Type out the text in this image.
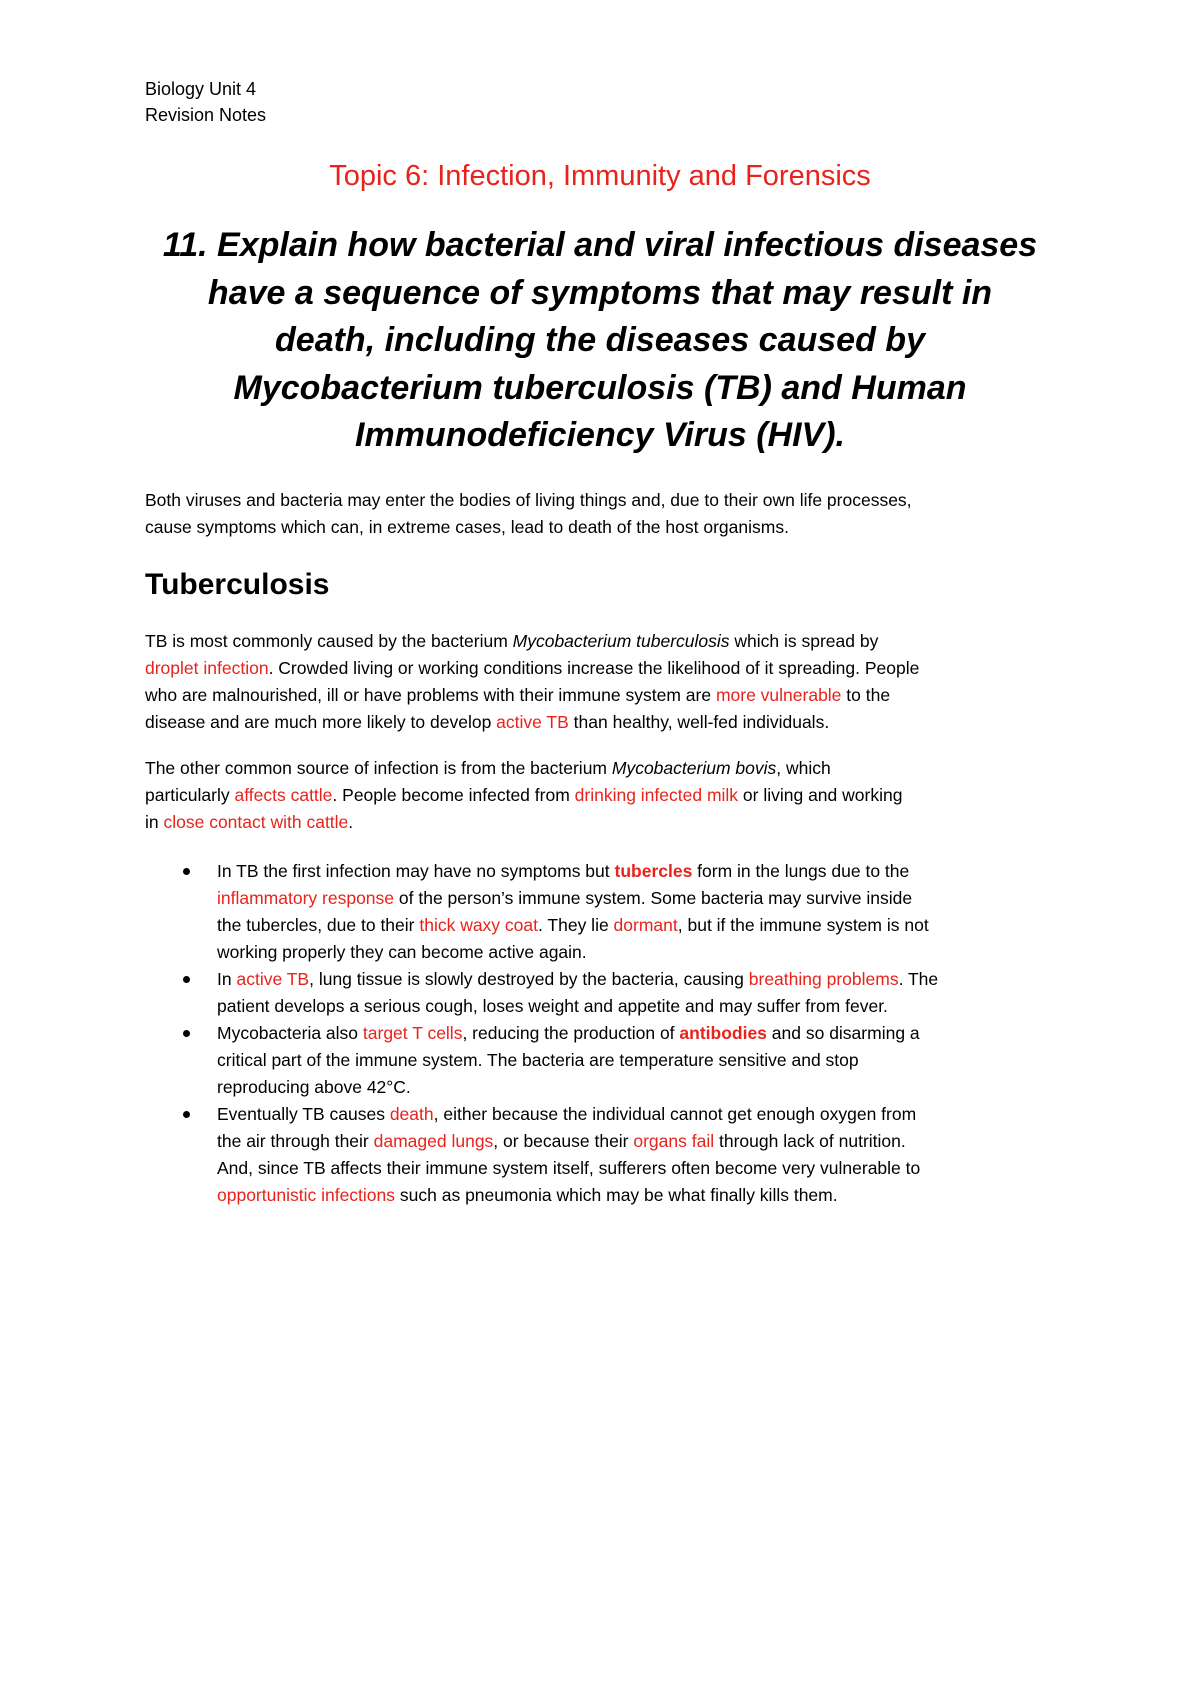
Biology Unit 4
Revision Notes
Topic 6: Infection, Immunity and Forensics
11. Explain how bacterial and viral infectious diseases
have a sequence of symptoms that may result in
death, including the diseases caused by
Mycobacterium tuberculosis (TB) and Human
Immunodeficiency Virus (HIV).
Both viruses and bacteria may enter the bodies of living things and, due to their own life processes,
cause symptoms which can, in extreme cases, lead to death of the host organisms.
Tuberculosis
TB is most commonly caused by the bacterium Mycobacterium tuberculosis which is spread by
droplet infection. Crowded living or working conditions increase the likelihood of it spreading. People
who are malnourished, ill or have problems with their immune system are more vulnerable to the
disease and are much more likely to develop active TB than healthy, well-fed individuals.
The other common source of infection is from the bacterium Mycobacterium bovis, which
particularly affects cattle. People become infected from drinking infected milk or living and working
in close contact with cattle.
In TB the first infection may have no symptoms but tubercles form in the lungs due to the
inflammatory response of the person’s immune system. Some bacteria may survive inside
the tubercles, due to their thick waxy coat. They lie dormant, but if the immune system is not
working properly they can become active again.
In active TB, lung tissue is slowly destroyed by the bacteria, causing breathing problems. The
patient develops a serious cough, loses weight and appetite and may suffer from fever.
Mycobacteria also target T cells, reducing the production of antibodies and so disarming a
critical part of the immune system. The bacteria are temperature sensitive and stop
reproducing above 42°C.
Eventually TB causes death, either because the individual cannot get enough oxygen from
the air through their damaged lungs, or because their organs fail through lack of nutrition.
And, since TB affects their immune system itself, sufferers often become very vulnerable to
opportunistic infections such as pneumonia which may be what finally kills them.
